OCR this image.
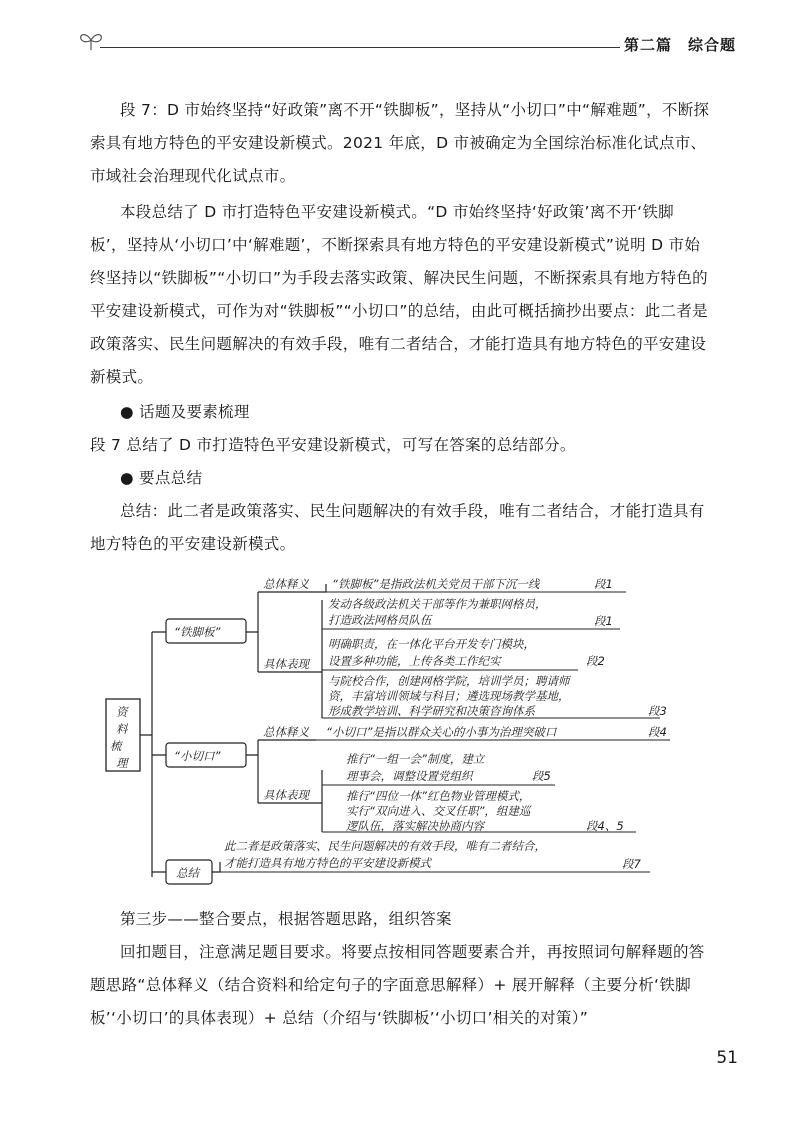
第二篇　综合题
段 7：D 市始终坚持“好政策”离不开“铁脚板”，坚持从“小切口”中“解难题”，不断探索具有地方特色的平安建设新模式。2021 年底，D 市被确定为全国综治标准化试点市、市域社会治理现代化试点市。
本段总结了 D 市打造特色平安建设新模式。“D 市始终坚持‘好政策’离不开‘铁脚板’，坚持从‘小切口’中‘解难题’，不断探索具有地方特色的平安建设新模式”说明 D 市始终坚持以“铁脚板”“小切口”为手段去落实政策、解决民生问题，不断探索具有地方特色的平安建设新模式，可作为对“铁脚板”“小切口”的总结，由此可概括摘抄出要点：此二者是政策落实、民生问题解决的有效手段，唯有二者结合，才能打造具有地方特色的平安建设新模式。
● 话题及要素梳理
段 7 总结了 D 市打造特色平安建设新模式，可写在答案的总结部分。
● 要点总结
总结：此二者是政策落实、民生问题解决的有效手段，唯有二者结合，才能打造具有地方特色的平安建设新模式。
资
料
梳
理
“铁脚板”
总体释义
具体表现
“铁脚板”是指政法机关党员干部下沉一线	段1
发动各级政法机关干部等作为兼职网格员，
打造政法网格员队伍	段1
明确职责，在一体化平台开发专门模块，
设置多种功能，上传各类工作纪实	段2
与院校合作，创建网格学院，培训学员；聘请师
资，丰富培训领域与科目；遴选现场教学基地，
形成教学培训、科学研究和决策咨询体系	段3
“小切口”
总体释义
具体表现
“小切口”是指以群众关心的小事为治理突破口	段4
推行“一组一会”制度，建立
理事会，调整设置党组织	段5
推行“四位一体”红色物业管理模式，
实行“双向进入、交叉任职”，组建巡
逻队伍，落实解决协商内容	段4、5
总结
此二者是政策落实、民生问题解决的有效手段，唯有二者结合，
才能打造具有地方特色的平安建设新模式	段7
第三步——整合要点，根据答题思路，组织答案
回扣题目，注意满足题目要求。将要点按相同答题要素合并，再按照词句解释题的答题思路“总体释义（结合资料和给定句子的字面意思解释）+ 展开解释（主要分析‘铁脚板’‘小切口’的具体表现）+ 总结（介绍与‘铁脚板’‘小切口’相关的对策）”
51
